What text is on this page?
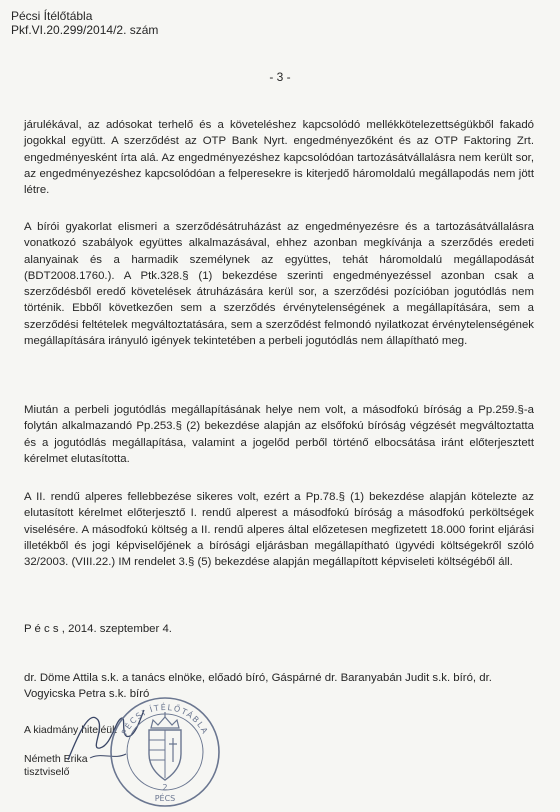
Pécsi Ítélőtábla
Pkf.VI.20.299/2014/2. szám
- 3 -

járulékával, az adósokat terhelő és a követeléshez kapcsolódó mellékkötelezettségükből fakadó jogokkal együtt. A szerződést az OTP Bank Nyrt. engedményezőként és az OTP Faktoring Zrt. engedményesként írta alá. Az engedményezéshez kapcsolódóan tartozásátvállalásra nem került sor, az engedményezéshez kapcsolódóan a felperesekre is kiterjedő háromoldalú megállapodás nem jött létre.

A bírói gyakorlat elismeri a szerződésátruházást az engedményezésre és a tartozásátvállalásra vonatkozó szabályok együttes alkalmazásával, ehhez azonban megkívánja a szerződés eredeti alanyainak és a harmadik személynek az együttes, tehát háromoldalú megállapodását (BDT2008.1760.). A Ptk.328.§ (1) bekezdése szerinti engedményezéssel azonban csak a szerződésből eredő követelések átruházására kerül sor, a szerződési pozícióban jogutódlás nem történik. Ebből következően sem a szerződés érvénytelenségének a megállapítására, sem a szerződési feltételek megváltoztatására, sem a szerződést felmondó nyilatkozat érvénytelenségének megállapítására irányuló igények tekintetében a perbeli jogutódlás nem állapítható meg.

Miután a perbeli jogutódlás megállapításának helye nem volt, a másodfokú bíróság a Pp.259.§-a folytán alkalmazandó Pp.253.§ (2) bekezdése alapján az elsőfokú bíróság végzését megváltoztatta és a jogutódlás megállapítása, valamint a jogelőd perből történő elbocsátása iránt előterjesztett kérelmet elutasította.

A II. rendű alperes fellebbezése sikeres volt, ezért a Pp.78.§ (1) bekezdése alapján kötelezte az elutasított kérelmet előterjesztő I. rendű alperest a másodfokú bíróság a másodfokú perköltségek viselésére. A másodfokú költség a II. rendű alperes által előzetesen megfizetett 18.000 forint eljárási illetékből és jogi képviselőjének a bírósági eljárásban megállapítható ügyvédi költségekről szóló 32/2003. (VIII.22.) IM rendelet 3.§ (5) bekezdése alapján megállapított képviseleti költségéből áll.

P é c s , 2014. szeptember 4.

dr. Döme Attila s.k. a tanács elnöke, előadó bíró, Gáspárné dr. Baranyabán Judit s.k. bíró, dr. Vogyicska Petra s.k. bíró

A kiadmány hiteléül:
Németh Erika
tisztviselő
PÉCSI ÍTÉLŐTÁBLA
2
PÉCS
